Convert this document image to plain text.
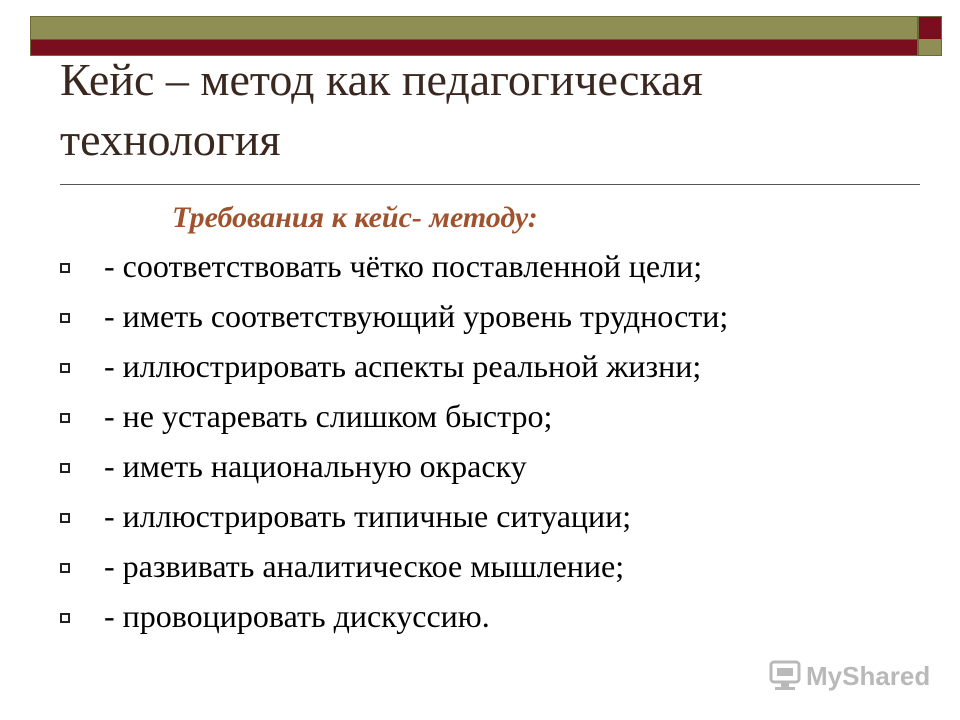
Кейс – метод как педагогическая технология
Требования к кейс- методу:
- соответствовать чётко поставленной цели;
- иметь соответствующий уровень трудности;
- иллюстрировать аспекты реальной жизни;
- не устаревать слишком быстро;
- иметь национальную окраску
- иллюстрировать типичные ситуации;
- развивать аналитическое мышление;
- провоцировать дискуссию.
MyShared
